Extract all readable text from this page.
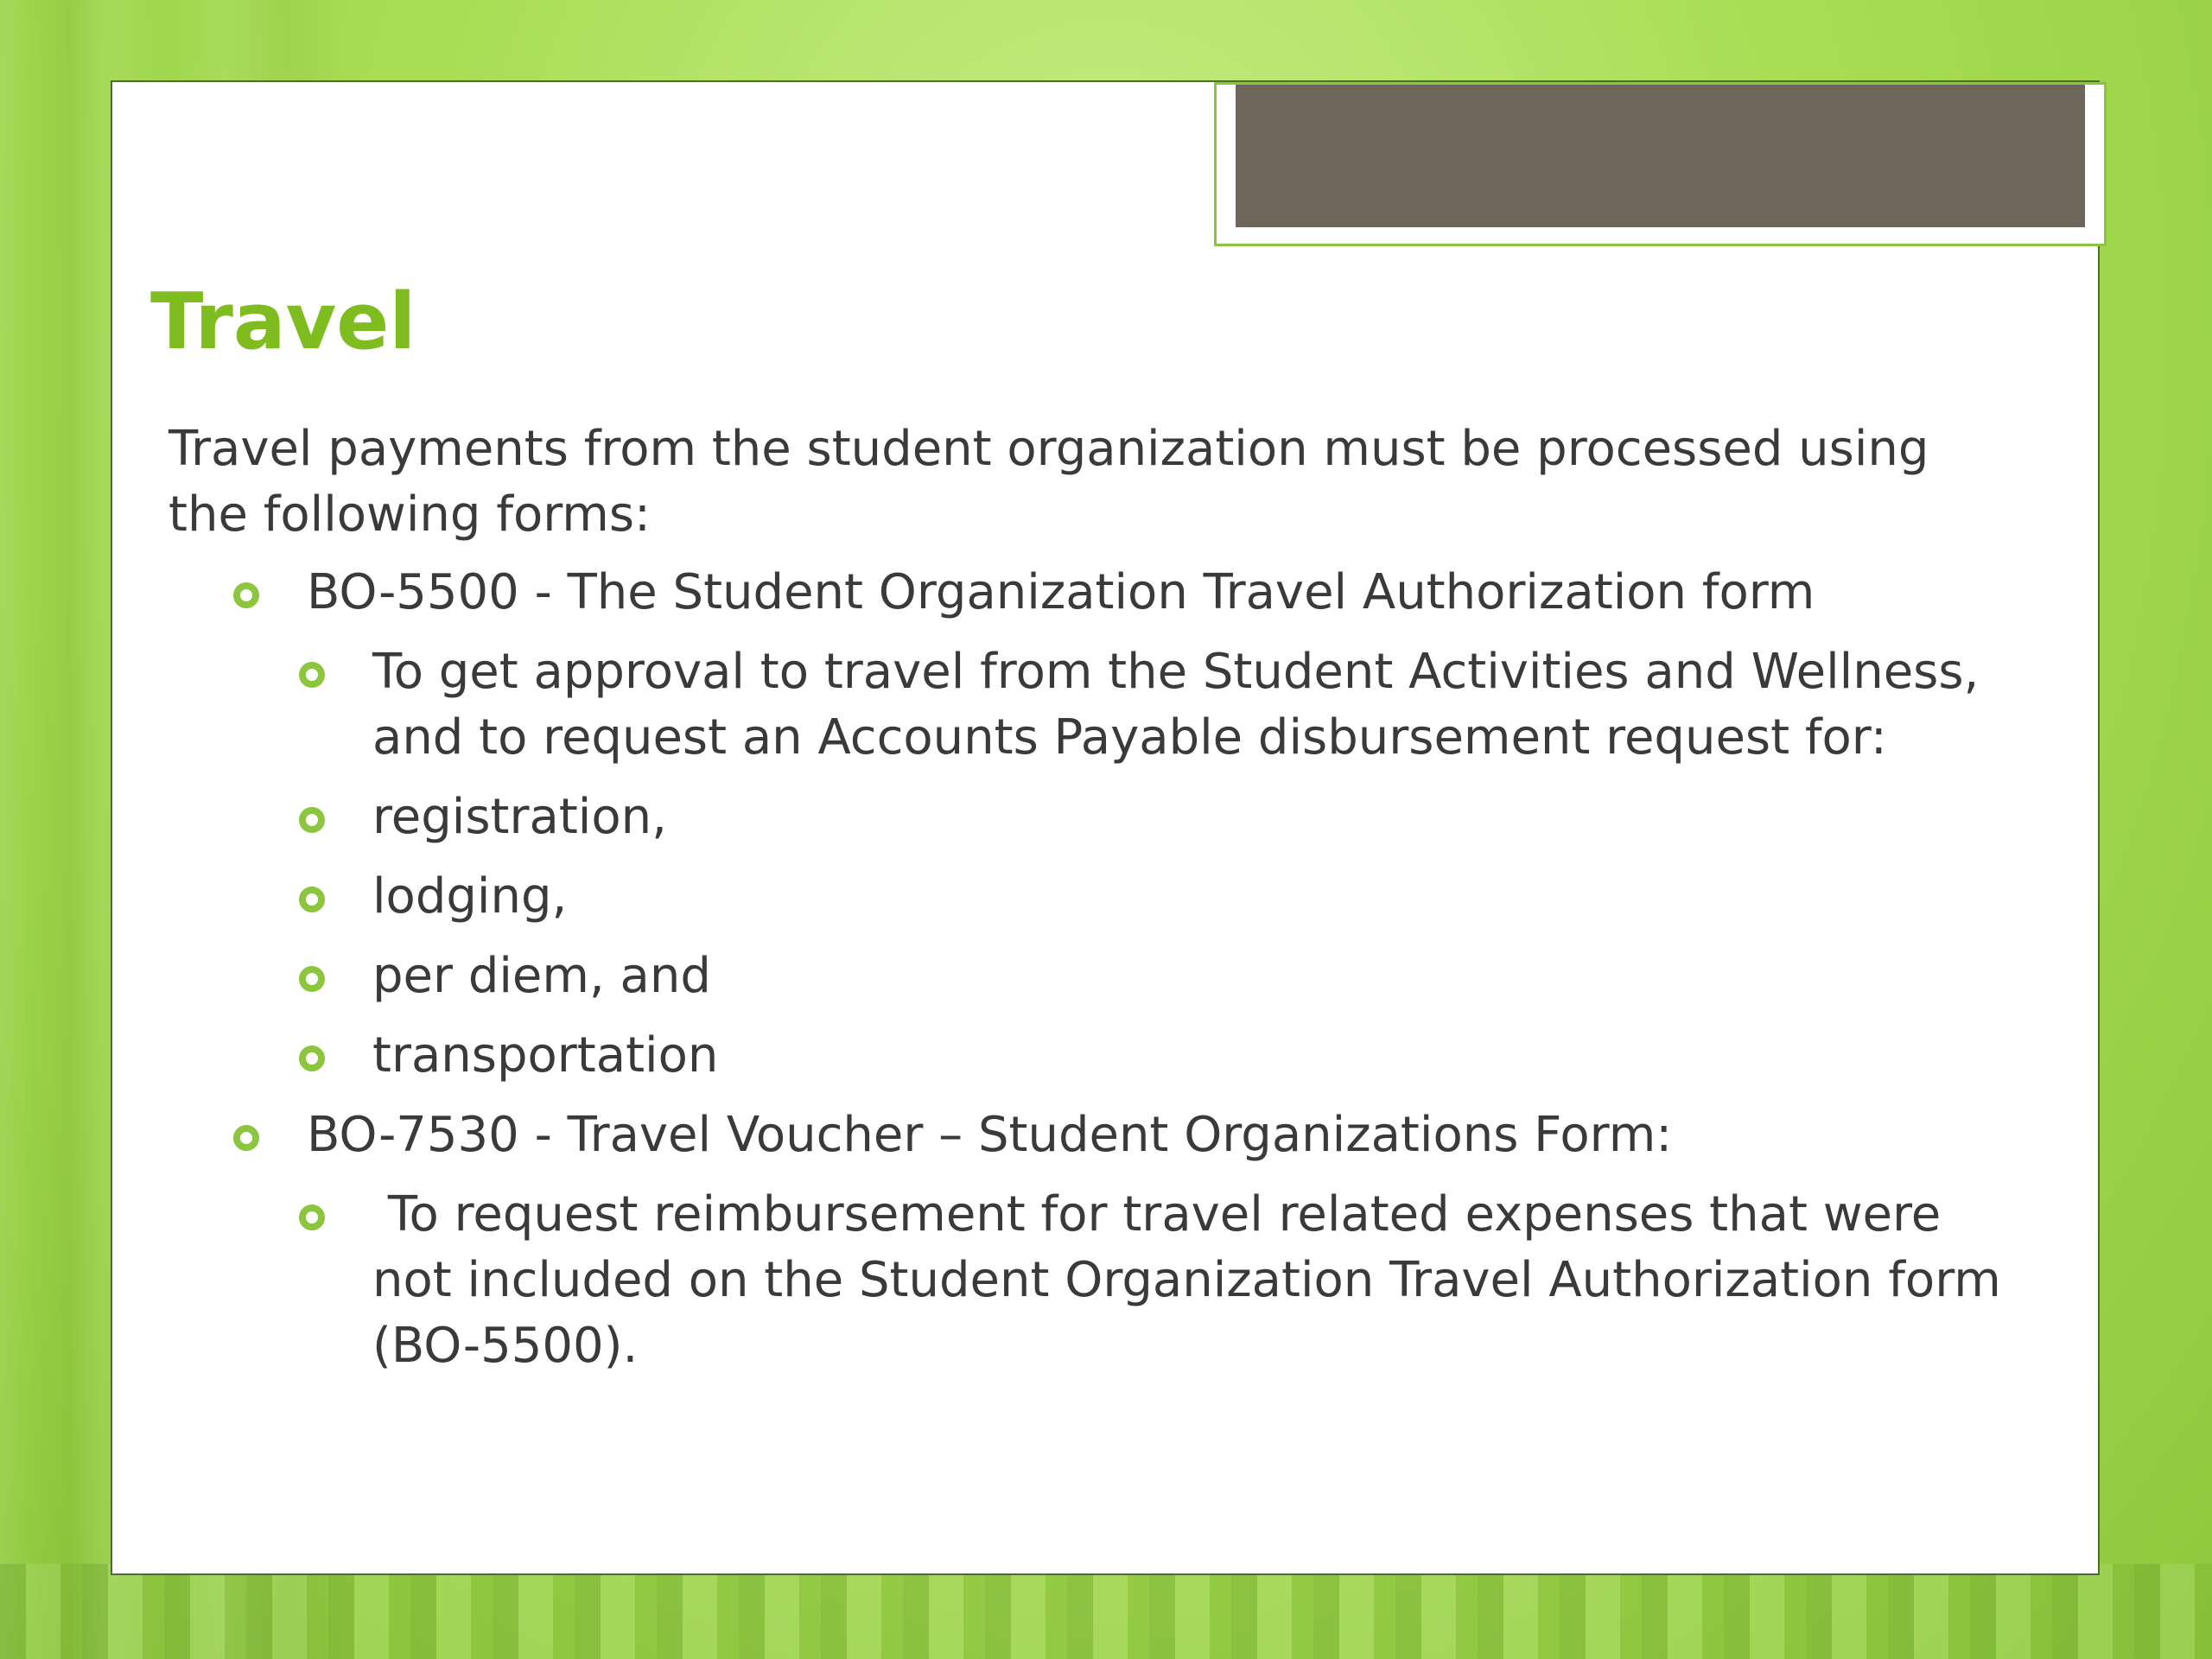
Travel

Travel payments from the student organization must be processed using the following forms:

BO-5500 - The Student Organization Travel Authorization form
To get approval to travel from the Student Activities and Wellness, and to request an Accounts Payable disbursement request for:
registration,
lodging,
per diem, and
transportation
BO-7530 - Travel Voucher – Student Organizations Form:
To request reimbursement for travel related expenses that were not included on the Student Organization Travel Authorization form (BO-5500).
